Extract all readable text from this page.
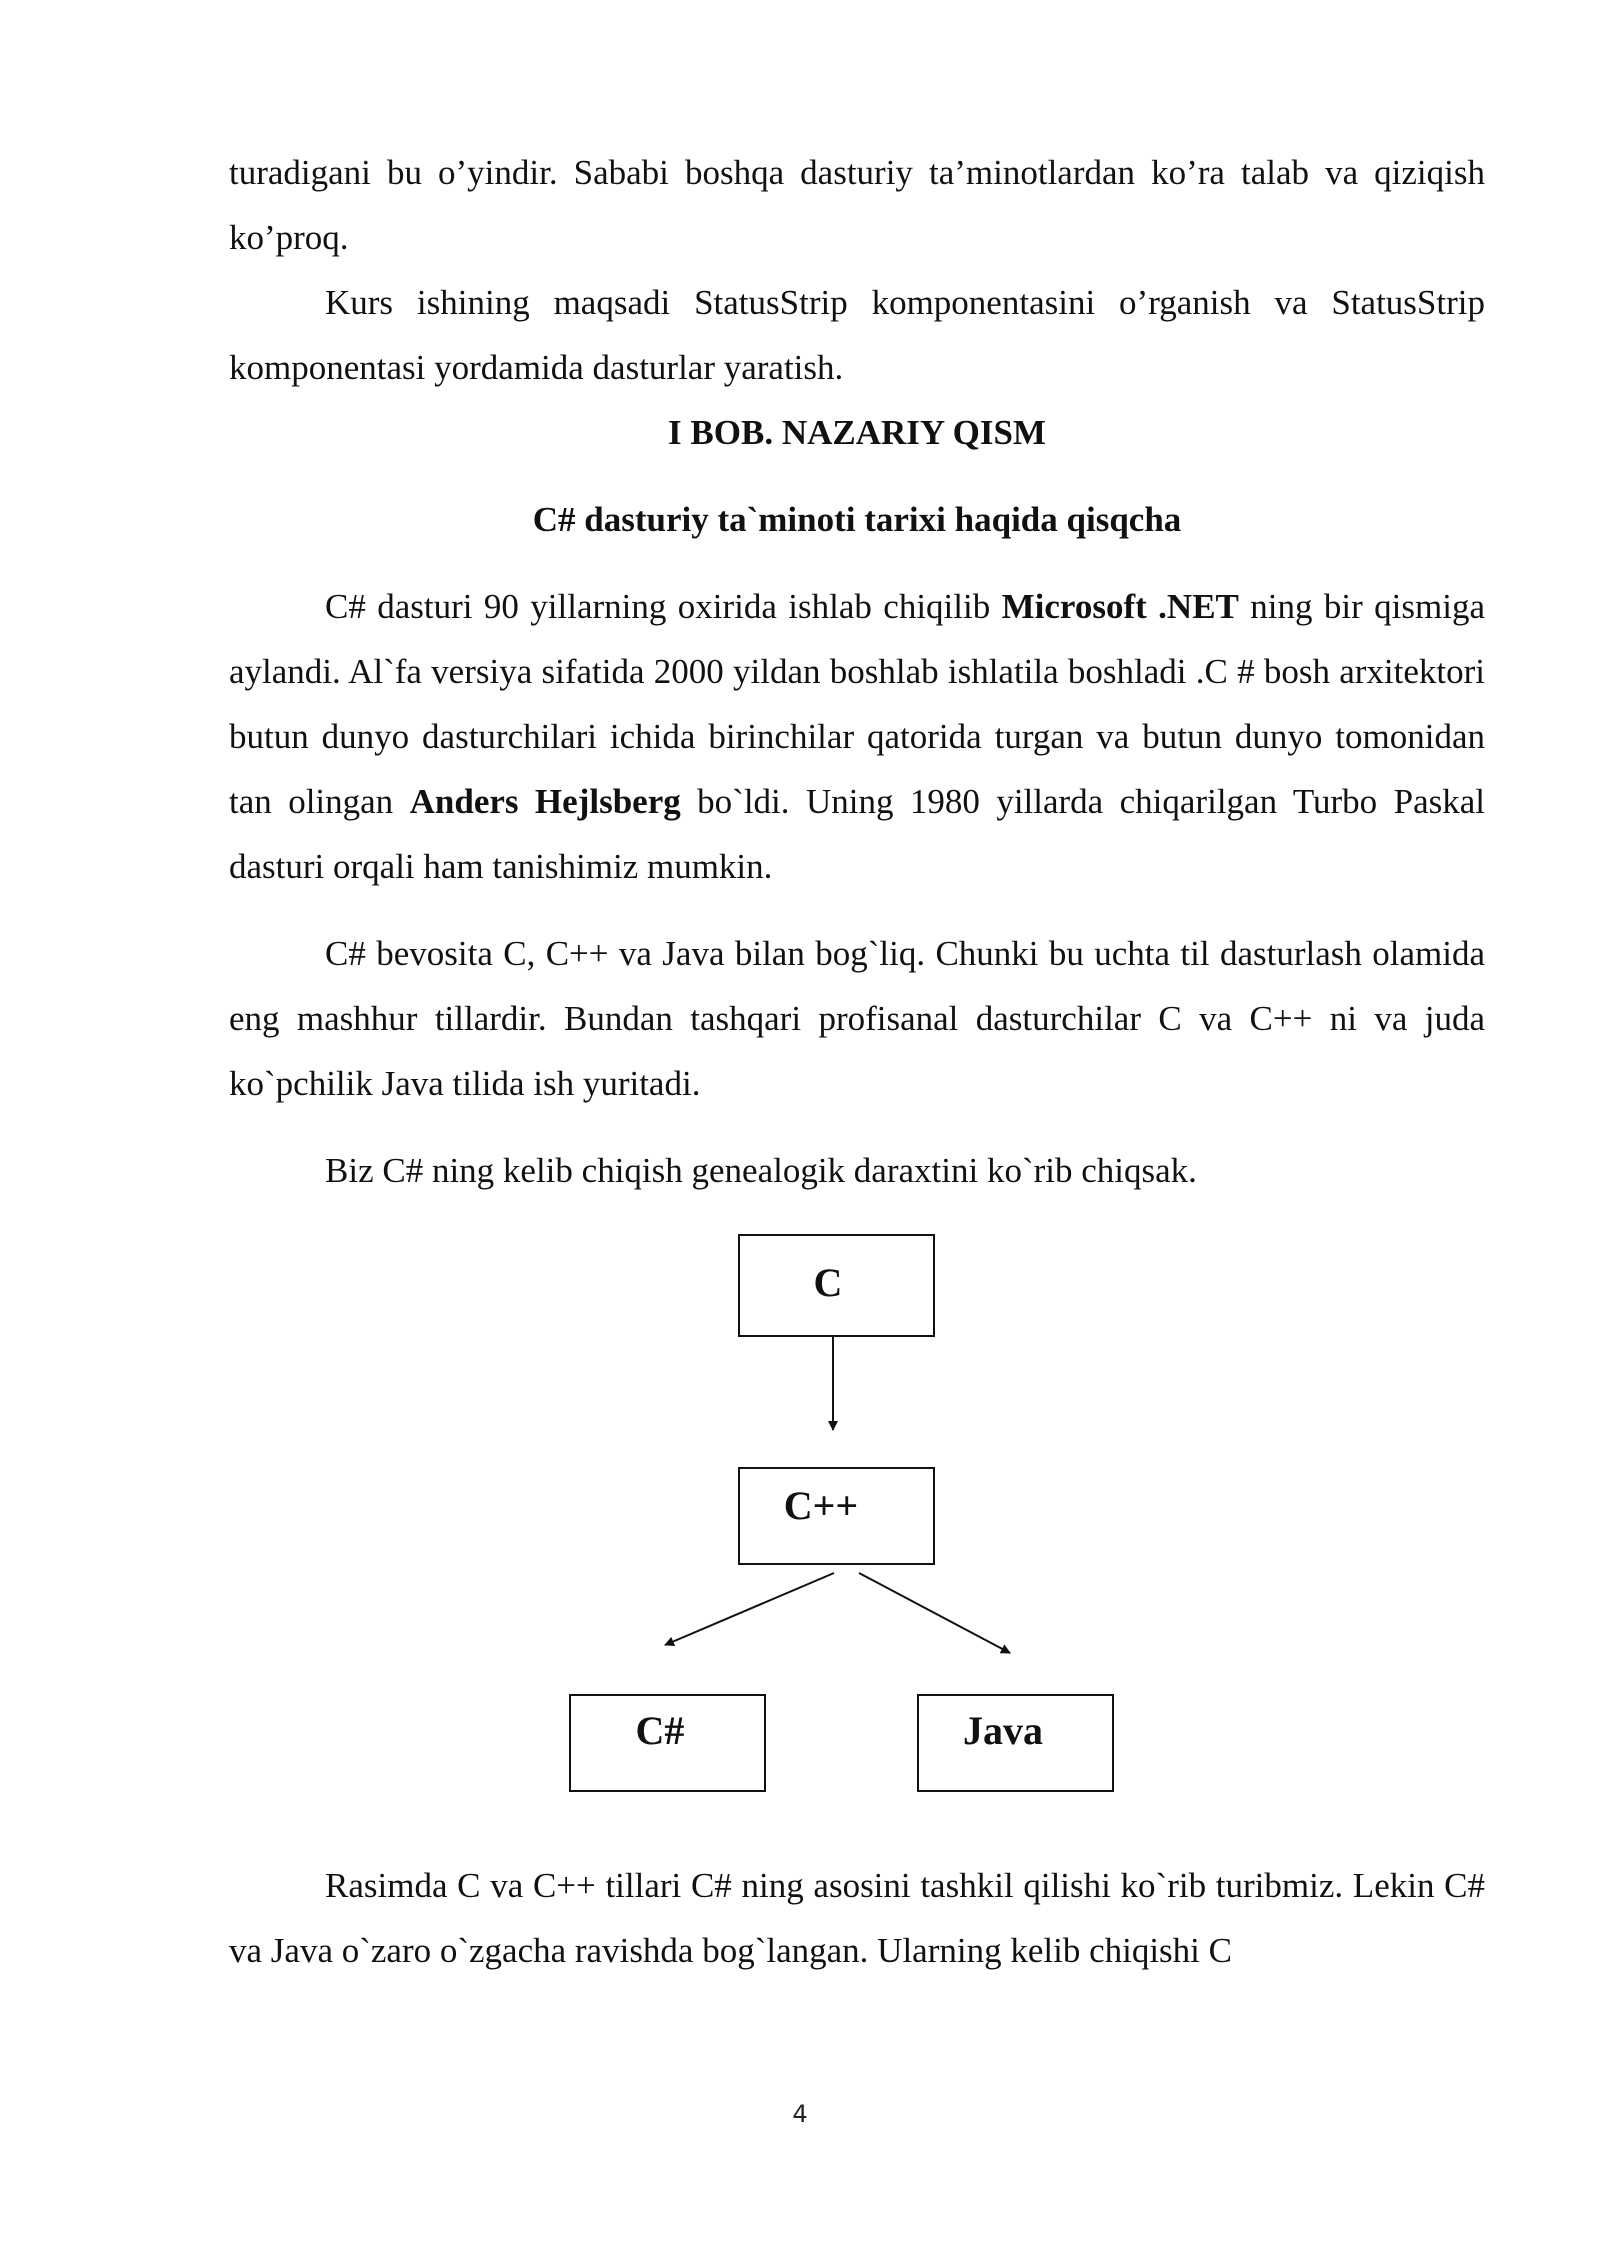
turadigani bu o’yindir. Sababi boshqa dasturiy ta’minotlardan ko’ra talab va qiziqish ko’proq.

Kurs ishining maqsadi StatusStrip komponentasini o’rganish va StatusStrip komponentasi yordamida dasturlar yaratish.

I BOB. NAZARIY QISM

C# dasturiy ta`minoti tarixi haqida qisqcha

C# dasturi 90 yillarning oxirida ishlab chiqilib Microsoft .NET ning bir qismiga aylandi. Al`fa versiya sifatida 2000 yildan boshlab ishlatila boshladi .C # bosh arxitektori butun dunyo dasturchilari ichida birinchilar qatorida turgan va butun dunyo tomonidan tan olingan Anders Hejlsberg bo`ldi. Uning 1980 yillarda chiqarilgan Turbo Paskal dasturi orqali ham tanishimiz mumkin.

C# bevosita C, C++ va Java bilan bog`liq. Chunki bu uchta til dasturlash olamida eng mashhur tillardir. Bundan tashqari profisanal dasturchilar C va C++ ni va juda ko`pchilik Java tilida ish yuritadi.

Biz C# ning kelib chiqish genealogik daraxtini ko`rib chiqsak.

Rasimda C va C++ tillari C# ning asosini tashkil qilishi ko`rib turibmiz. Lekin C# va Java o`zaro o`zgacha ravishda bog`langan. Ularning kelib chiqishi C

C
C++
C#	Java
4
